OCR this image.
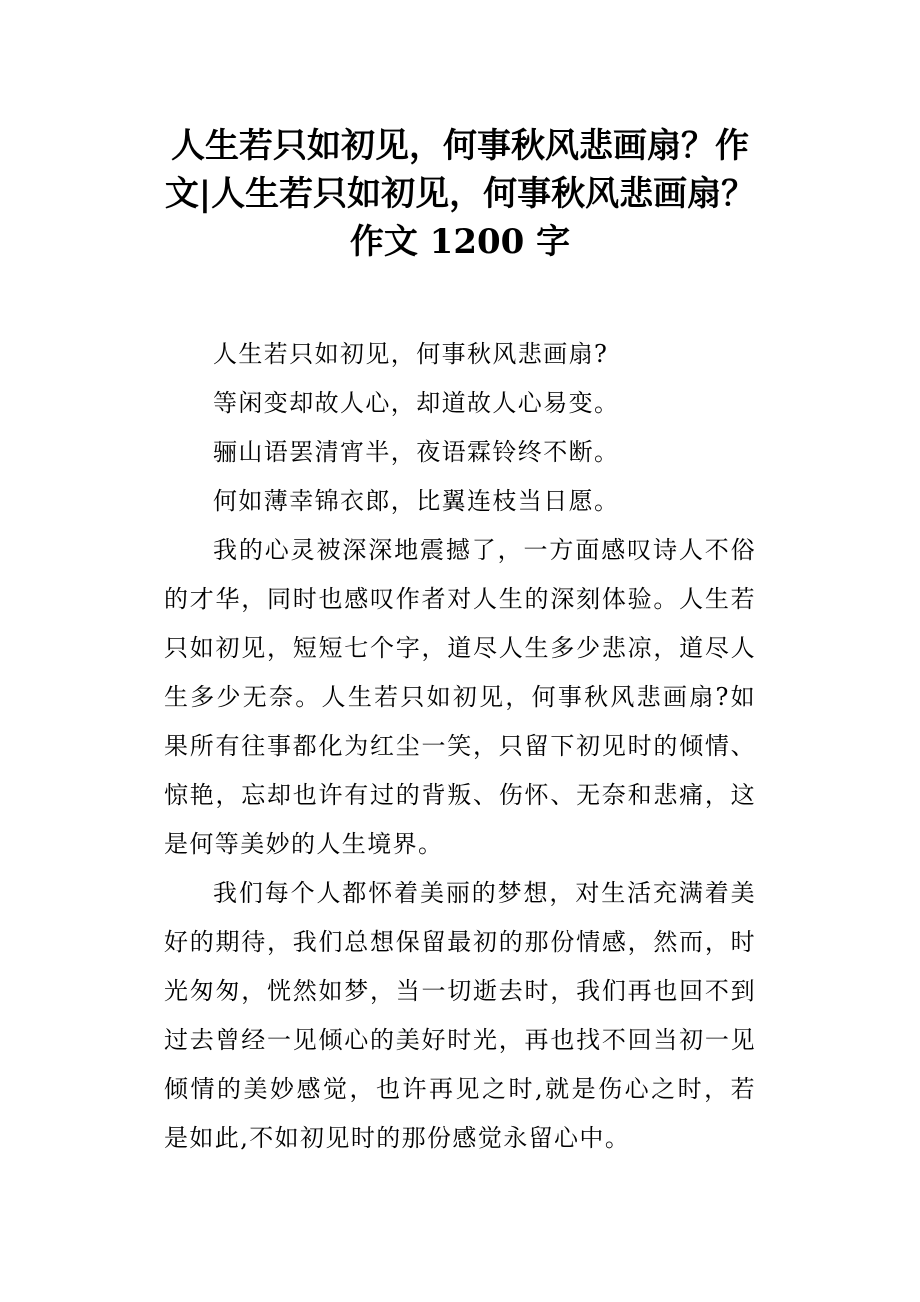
人生若只如初见，何事秋风悲画扇？作文|人生若只如初见，何事秋风悲画扇？作文 1200 字

人生若只如初见，何事秋风悲画扇?

等闲变却故人心，却道故人心易变。

骊山语罢清宵半，夜语霖铃终不断。

何如薄幸锦衣郎，比翼连枝当日愿。

我的心灵被深深地震撼了，一方面感叹诗人不俗的才华，同时也感叹作者对人生的深刻体验。人生若只如初见，短短七个字，道尽人生多少悲凉，道尽人生多少无奈。人生若只如初见，何事秋风悲画扇?如果所有往事都化为红尘一笑，只留下初见时的倾情、惊艳，忘却也许有过的背叛、伤怀、无奈和悲痛，这是何等美妙的人生境界。

我们每个人都怀着美丽的梦想，对生活充满着美好的期待，我们总想保留最初的那份情感，然而，时光匆匆，恍然如梦，当一切逝去时，我们再也回不到过去曾经一见倾心的美好时光，再也找不回当初一见倾情的美妙感觉，也许再见之时,就是伤心之时，若是如此,不如初见时的那份感觉永留心中。
